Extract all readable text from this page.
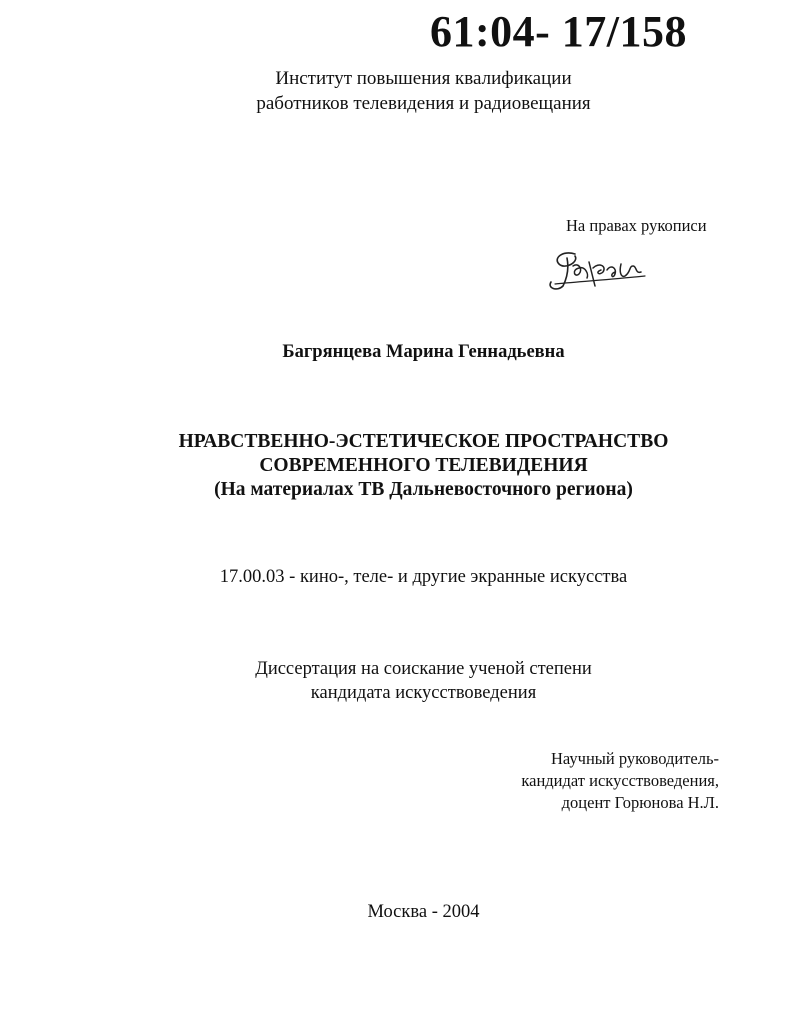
61:04- 17/158
Институт повышения квалификации
работников телевидения и радиовещания
На правах рукописи
Багрянцева Марина Геннадьевна
НРАВСТВЕННО-ЭСТЕТИЧЕСКОЕ ПРОСТРАНСТВО
СОВРЕМЕННОГО ТЕЛЕВИДЕНИЯ
(На материалах ТВ Дальневосточного региона)
17.00.03 - кино-, теле- и другие экранные искусства
Диссертация на соискание ученой степени
кандидата искусствоведения
Научный руководитель-
кандидат искусствоведения,
доцент Горюнова Н.Л.
Москва - 2004
